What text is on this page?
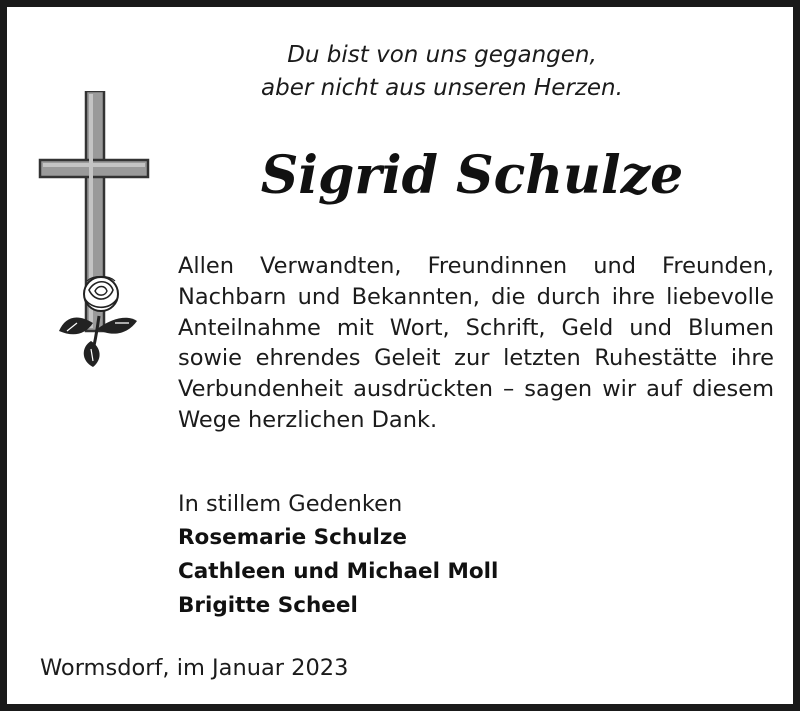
Du bist von uns gegangen,
aber nicht aus unseren Herzen.
Sigrid Schulze
Allen Verwandten, Freundinnen und Freunden, Nachbarn und Bekannten, die durch ihre liebevolle Anteilnahme mit Wort, Schrift, Geld und Blumen sowie ehrendes Geleit zur letzten Ruhestätte ihre Verbundenheit ausdrückten – sagen wir auf diesem Wege herzlichen Dank.
In stillem Gedenken
Rosemarie Schulze
Cathleen und Michael Moll
Brigitte Scheel
Wormsdorf, im Januar 2023
